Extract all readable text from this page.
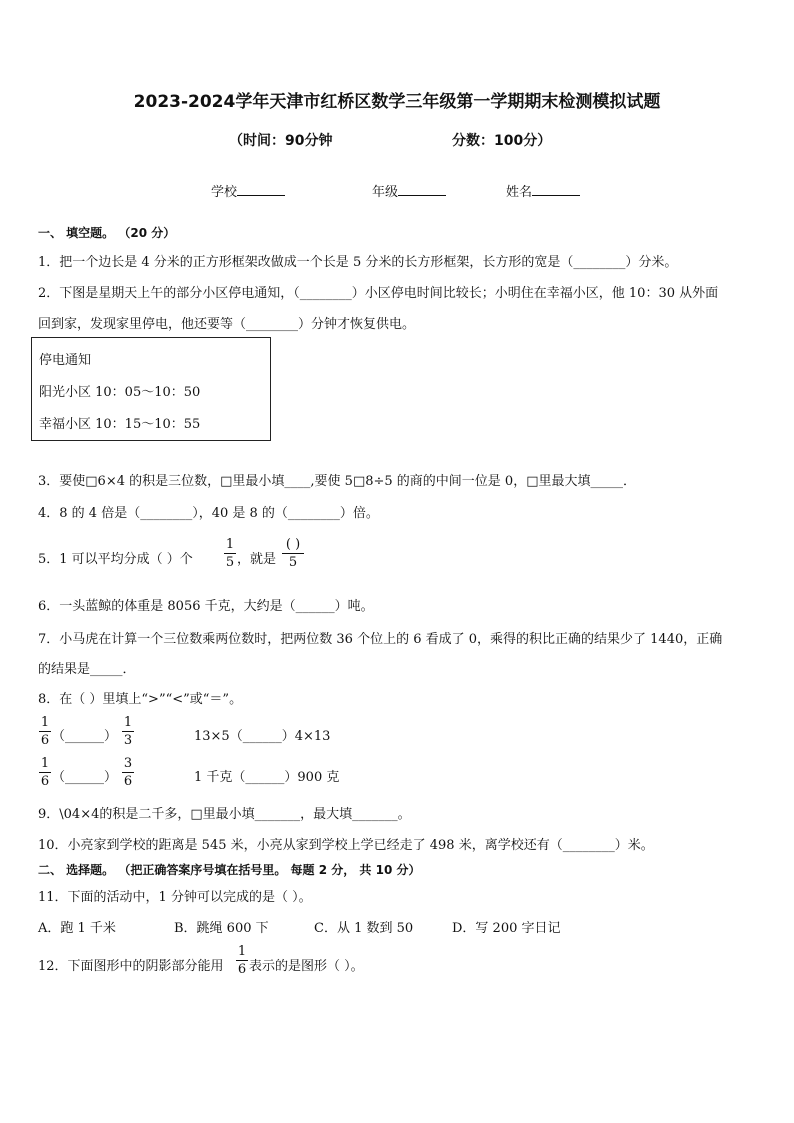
2023-2024学年天津市红桥区数学三年级第一学期期末检测模拟试题
（时间：90分钟	分数：100分）
学校	年级	姓名
一、 填空题。 （20 分）
1．把一个边长是 4 分米的正方形框架改做成一个长是 5 分米的长方形框架，长方形的宽是（________）分米。
2．下图是星期天上午的部分小区停电通知，（________）小区停电时间比较长；小明住在幸福小区，他 10：30 从外面
回到家，发现家里停电，他还要等（________）分钟才恢复供电。
停电通知
阳光小区 10：05～10：50
幸福小区 10：15～10：55
3．要使□6×4 的积是三位数，□里最小填____,要使 5□8÷5 的商的中间一位是 0，□里最大填_____．
4．8 的 4 倍是（________），40 是 8 的（________）倍。
5．1 可以平均分成（ ）个
1
5 ，就是
( )
5
6．一头蓝鲸的体重是 8056 千克，大约是（______）吨。
7．小马虎在计算一个三位数乘两位数时，把两位数 36 个位上的 6 看成了 0，乘得的积比正确的结果少了 1440，正确
的结果是_____．
8．在（ ）里填上“>”“<”或“＝”。
1
6 （______）
1
3	13×5（______）4×13
1
6 （______）
3
6	1 千克（______）900 克
9．\04×4的积是二千多，□里最小填_______，最大填_______。
10．小亮家到学校的距离是 545 米，小亮从家到学校上学已经走了 498 米，离学校还有（________）米。
二、 选择题。 （把正确答案序号填在括号里。 每题 2 分， 共 10 分）
11．下面的活动中，1 分钟可以完成的是（ ）。
A．跑 1 千米	B．跳绳 600 下	C．从 1 数到 50	D．写 200 字日记
12．下面图形中的阴影部分能用
1
6 表示的是图形（ ）。
